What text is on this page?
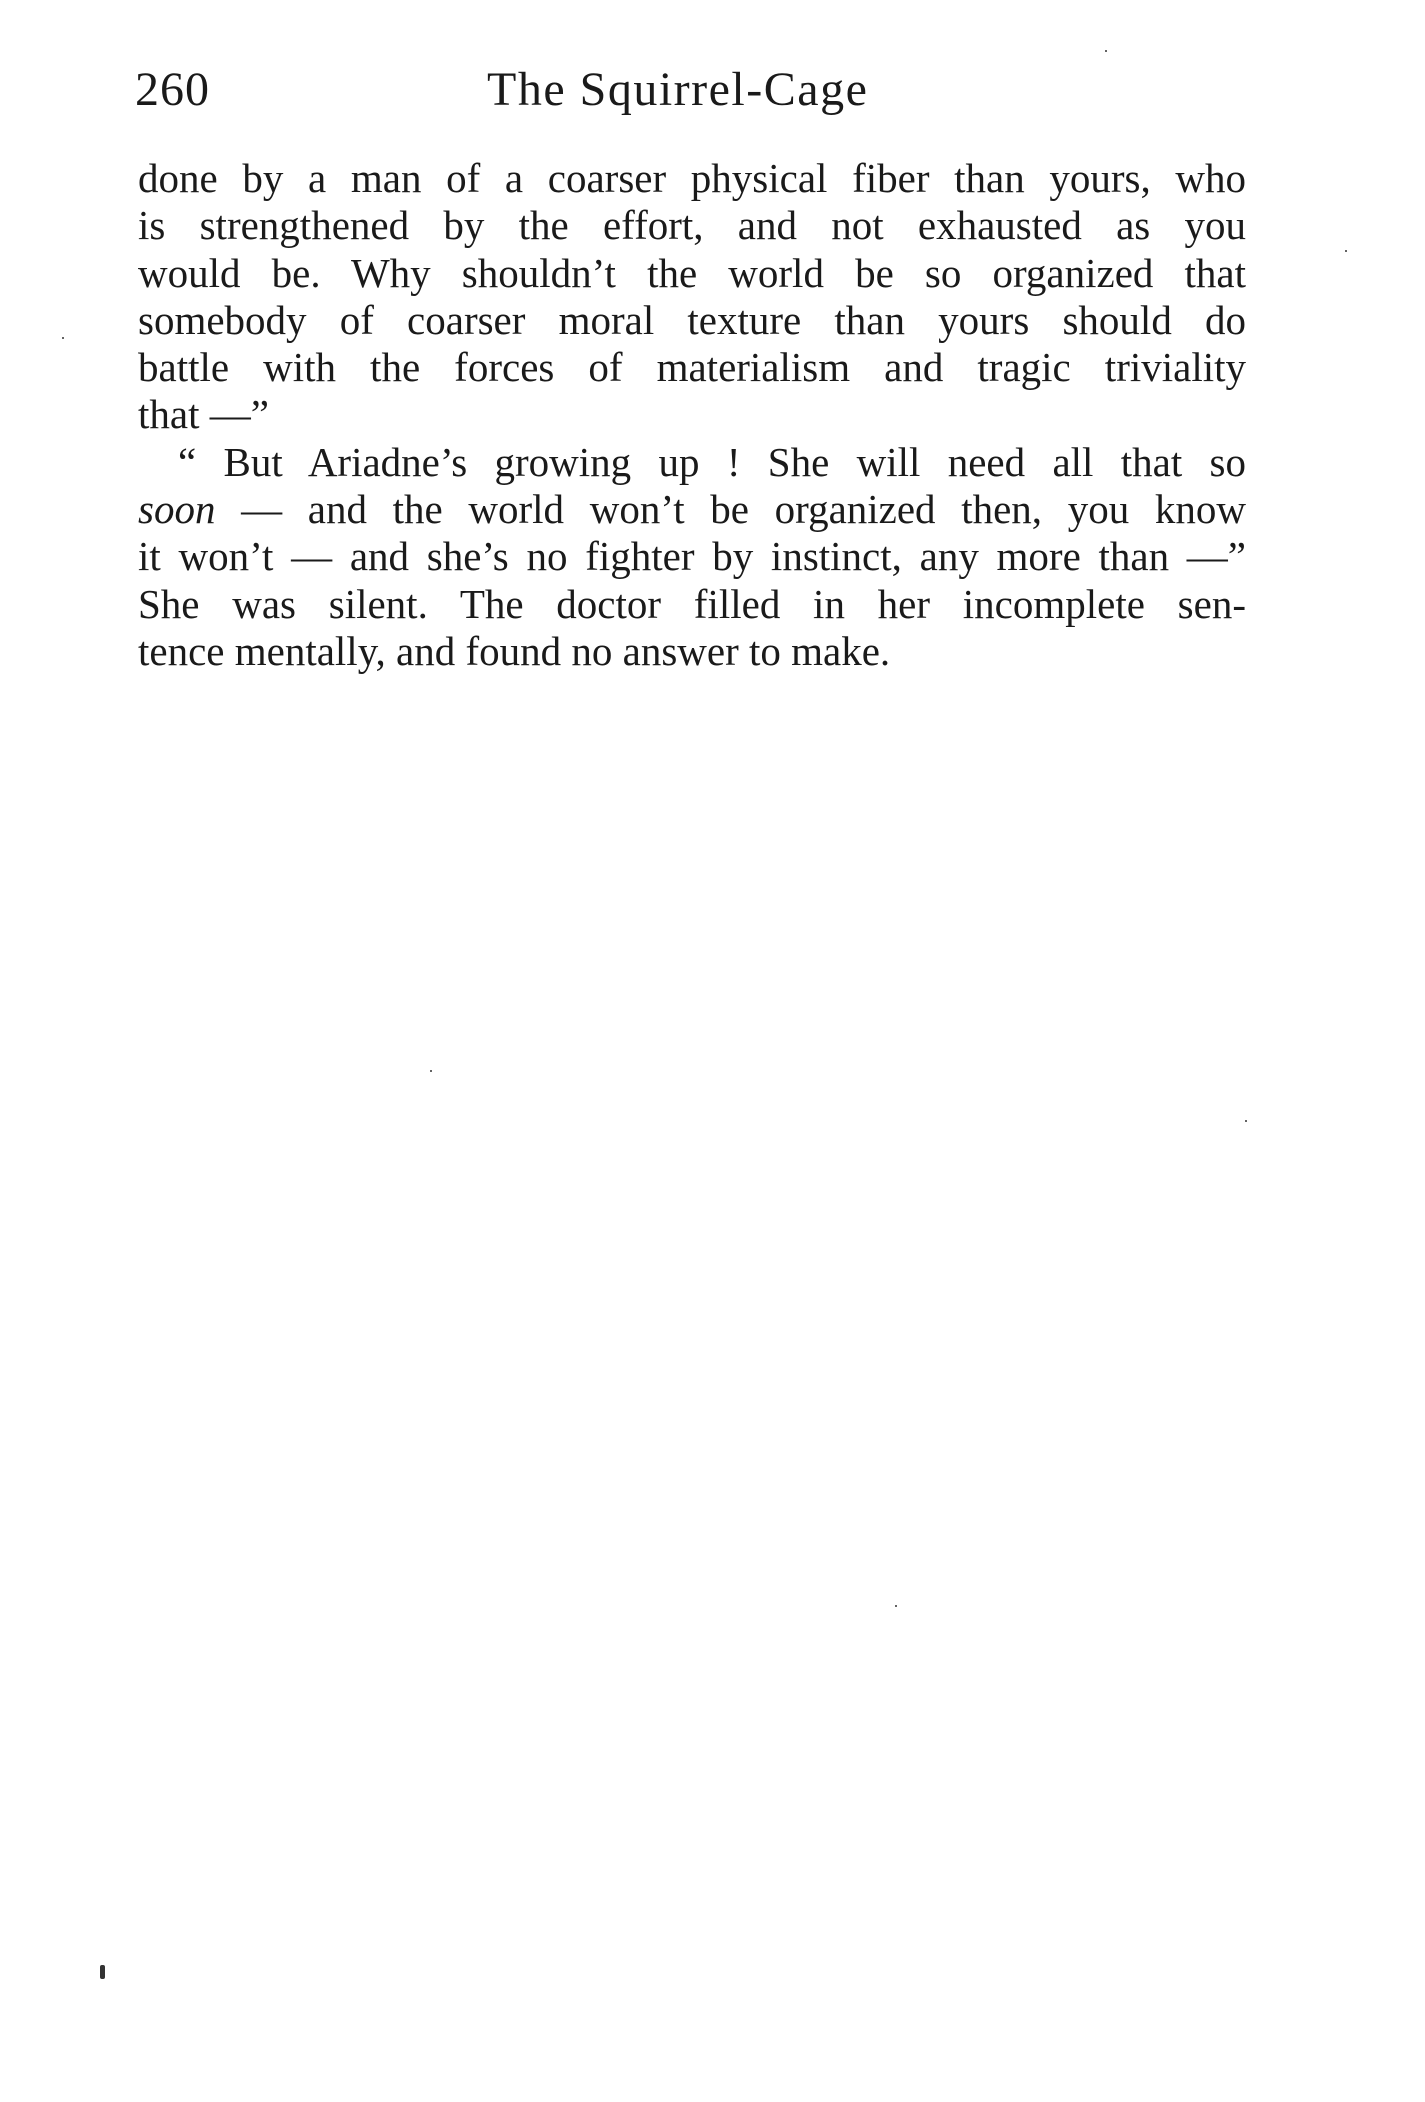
260	The Squirrel-Cage
done by a man of a coarser physical fiber than yours, who
is strengthened by the effort, and not exhausted as you
would be. Why shouldn’t the world be so organized that
somebody of coarser moral texture than yours should do
battle with the forces of materialism and tragic triviality
that —”
“ But Ariadne’s growing up ! She will need all that so
soon — and the world won’t be organized then, you know
it won’t — and she’s no fighter by instinct, any more than —”
She was silent. The doctor filled in her incomplete sen-
tence mentally, and found no answer to make.
